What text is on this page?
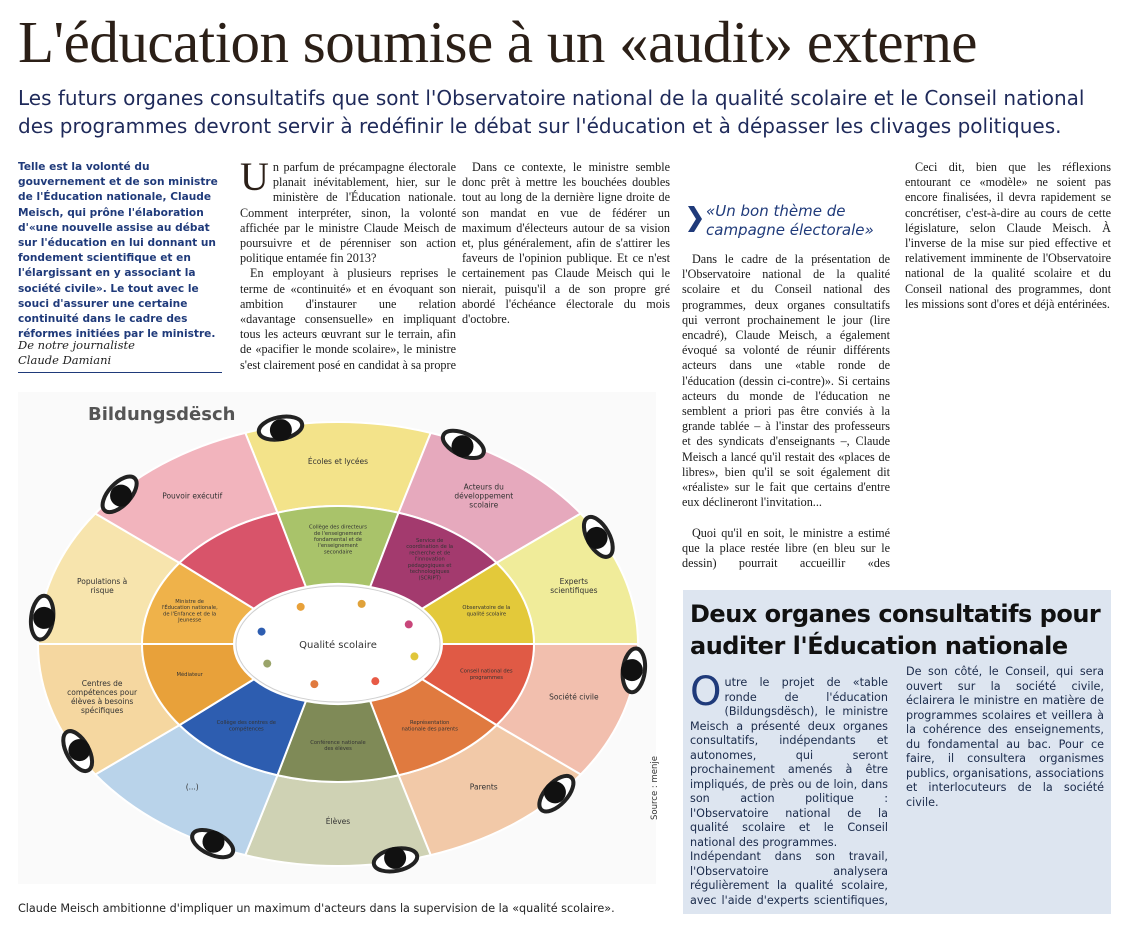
L'éducation soumise à un «audit» externe
Les futurs organes consultatifs que sont l'Observatoire national de la qualité scolaire et le Conseil national des programmes devront servir à redéfinir le débat sur l'éducation et à dépasser les clivages politiques.
Telle est la volonté du gouvernement et de son ministre de l'Éducation nationale, Claude Meisch, qui prône l'élaboration d'«une nouvelle assise au débat sur l'éducation en lui donnant un fondement scientifique et en l'élargissant en y associant la société civile». Le tout avec le souci d'assurer une certaine continuité dans le cadre des réformes initiées par le ministre.
De notre journaliste
Claude Damiani

Un parfum de précampagne électorale planait inévitablement, hier, sur le ministère de l'Éducation nationale. Comment interpréter, sinon, la volonté affichée par le ministre Claude Meisch de poursuivre et de pérenniser son action politique entamée fin 2013?

En employant à plusieurs reprises le terme de «continuité» et en évoquant son ambition d'instaurer une relation «davantage consensuelle» en impliquant tous les acteurs œuvrant sur le terrain, afin de «pacifier le monde scolaire», le ministre s'est clairement posé en candidat à sa propre

Dans ce contexte, le ministre semble donc prêt à mettre les bouchées doubles tout au long de la dernière ligne droite de son mandat en vue de fédérer un maximum d'électeurs autour de sa vision et, plus généralement, afin de s'attirer les faveurs de l'opinion publique. Et ce n'est certainement pas Claude Meisch qui le nierait, puisqu'il a de son propre gré abordé l'échéance électorale du mois d'octobre.

«Un bon thème de campagne électorale»

Dans le cadre de la présentation de l'Observatoire national de la qualité scolaire et du Conseil national des programmes, deux organes consultatifs qui verront prochainement le jour (lire encadré), Claude Meisch, a également évoqué sa volonté de réunir différents acteurs dans une «table ronde de l'éducation (dessin ci-contre)». Si certains acteurs du monde de l'éducation ne semblent a priori pas être conviés à la grande tablée – à l'instar des professeurs et des syndicats d'enseignants –, Claude Meisch a lancé qu'il restait des «places de libres», bien qu'il se soit également dit «réaliste» sur le fait que certains d'entre eux déclineront l'invitation...

Quoi qu'il en soit, le ministre a estimé que la place restée libre (en bleu sur le dessin) pourrait accueillir «des

Ceci dit, bien que les réflexions entourant ce «modèle» ne soient pas encore finalisées, il devra rapidement se concrétiser, c'est-à-dire au cours de cette législature, selon Claude Meisch. À l'inverse de la mise sur pied effective et relativement imminente de l'Observatoire national de la qualité scolaire et du Conseil national des programmes, dont les missions sont d'ores et déjà entérinées.

Deux organes consultatifs pour auditer l'Éducation nationale

Outre le projet de «table ronde de l'éducation (Bildungsdësch), le ministre Meisch a présenté deux organes consultatifs, indépendants et autonomes, qui seront prochainement amenés à être impliqués, de près ou de loin, dans son action politique : l'Observatoire national de la qualité scolaire et le Conseil national des programmes.

Indépendant dans son travail, l'Observatoire analysera régulièrement la qualité scolaire, avec l'aide d'experts scientifiques,

De son côté, le Conseil, qui sera ouvert sur la société civile, éclairera le ministre en matière de programmes scolaires et veillera à la cohérence des enseignements, du fondamental au bac. Pour ce faire, il consultera organismes publics, organisations, associations et interlocuteurs de la société civile.

Bildungsdësch
Écoles et lycées
Collège des directeurs de l'enseignement fondamental et de l'enseignement secondaire
Acteurs du développement scolaire
Service de coordination de la recherche et de l'innovation pédagogiques et technologiques (SCRIPT)	Experts scientifiques
Observatoire de la qualité scolaire
Société civile
Conseil national des programmes
Parents
Représentation nationale des parents
Élèves
Conférence nationale des élèves
(...)
Collège des centres de compétences
Centres de compétences pour élèves à besoins spécifiques
Médiateur
Populations à risque
Ministre de l'Éducation nationale, de l'Enfance et de la Jeunesse
Pouvoir exécutif
Qualité scolaire
Claude Meisch ambitionne d'impliquer un maximum d'acteurs dans la supervision de la «qualité scolaire».
Source : menje
